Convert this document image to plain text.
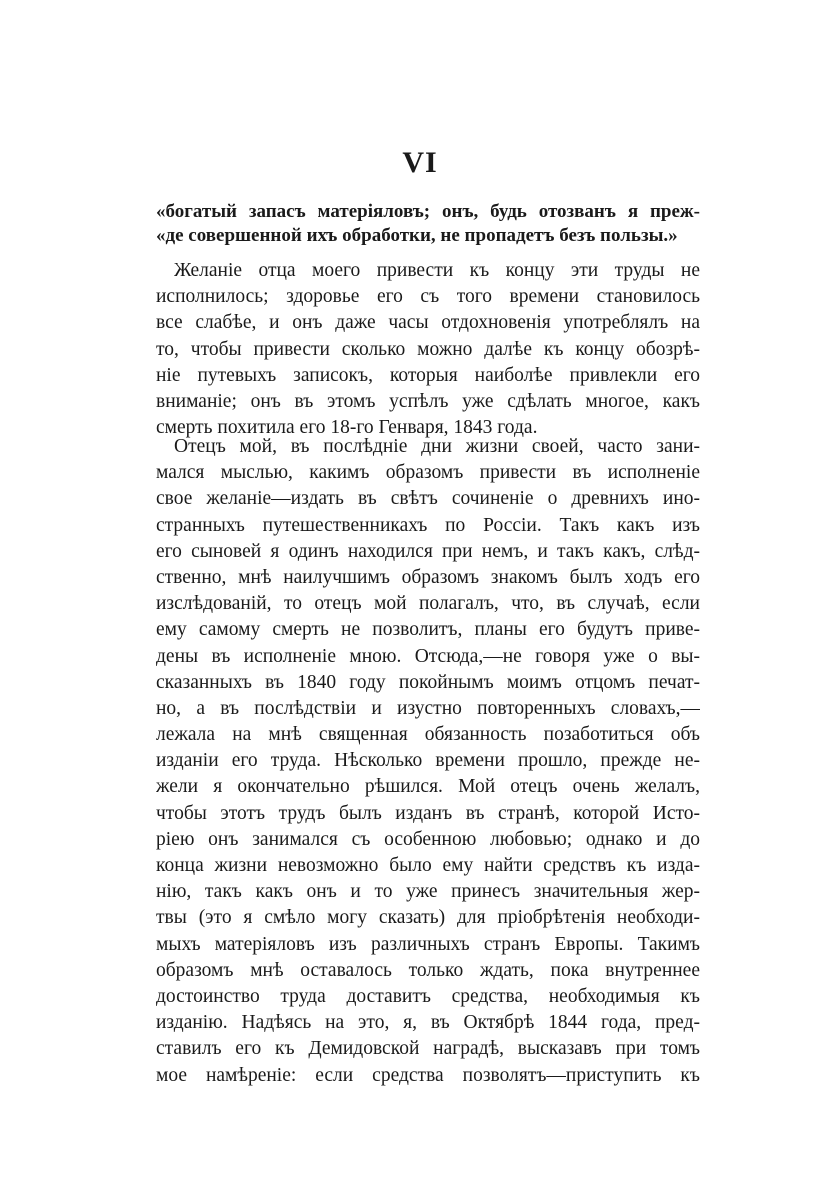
VI
«богатый запасъ матеріяловъ; онъ, будь отозванъ я преж-
«де совершенной ихъ обработки, не пропадетъ безъ пользы.»
Желаніе отца моего привести къ концу эти труды не
исполнилось; здоровье его съ того времени становилось
все слабѣе, и онъ даже часы отдохновенія употреблялъ на
то, чтобы привести сколько можно далѣе къ концу обозрѣ-
ніе путевыхъ записокъ, которыя наиболѣе привлекли его
вниманіе; онъ въ этомъ успѣлъ уже сдѣлать многое, какъ
смерть похитила его 18-го Генваря, 1843 года.
Отецъ мой, въ послѣдніе дни жизни своей, часто зани-
мался мыслью, какимъ образомъ привести въ исполненіе
свое желаніе—издать въ свѣтъ сочиненіе о древнихъ ино-
странныхъ путешественникахъ по Россіи. Такъ какъ изъ
его сыновей я одинъ находился при немъ, и такъ какъ, слѣд-
ственно, мнѣ наилучшимъ образомъ знакомъ былъ ходъ его
изслѣдованій, то отецъ мой полагалъ, что, въ случаѣ, если
ему самому смерть не позволитъ, планы его будутъ приве-
дены въ исполненіе мною. Отсюда,—не говоря уже о вы-
сказанныхъ въ 1840 году покойнымъ моимъ отцомъ печат-
но, а въ послѣдствіи и изустно повторенныхъ словахъ,—
лежала на мнѣ священная обязанность позаботиться объ
изданіи его труда. Нѣсколько времени прошло, прежде не-
жели я окончательно рѣшился. Мой отецъ очень желалъ,
чтобы этотъ трудъ былъ изданъ въ странѣ, которой Исто-
ріею онъ занимался съ особенною любовью; однако и до
конца жизни невозможно было ему найти средствъ къ изда-
нію, такъ какъ онъ и то уже принесъ значительныя жер-
твы (это я смѣло могу сказать) для пріобрѣтенія необходи-
мыхъ матеріяловъ изъ различныхъ странъ Европы. Такимъ
образомъ мнѣ оставалось только ждать, пока внутреннее
достоинство труда доставитъ средства, необходимыя къ
изданію. Надѣясь на это, я, въ Октябрѣ 1844 года, пред-
ставилъ его къ Демидовской наградѣ, высказавъ при томъ
мое намѣреніе: если средства позволятъ—приступить къ
